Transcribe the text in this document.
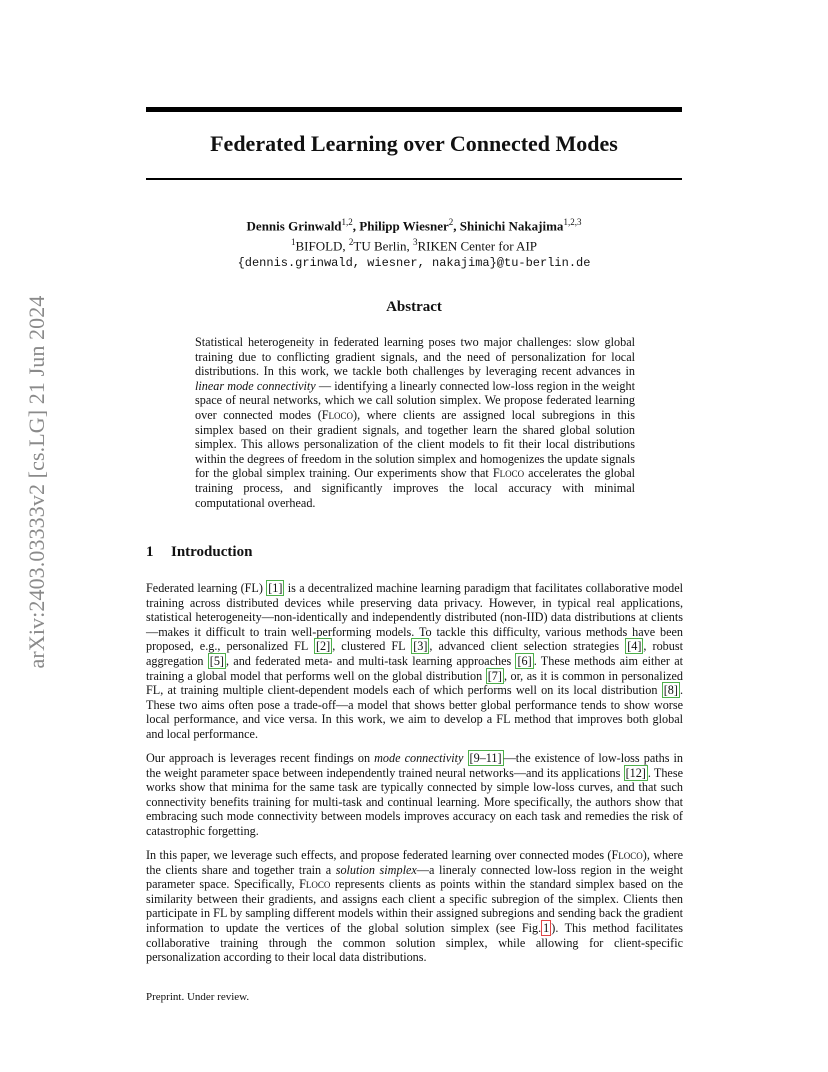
arXiv:2403.03333v2 [cs.LG] 21 Jun 2024
Federated Learning over Connected Modes
Dennis Grinwald$^{1,2}$, Philipp Wiesner$^2$, Shinichi Nakajima$^{1,2,3}$
$^1$BIFOLD, $^2$TU Berlin, $^3$RIKEN Center for AIP
{dennis.grinwald, wiesner, nakajima}@tu-berlin.de
Abstract

Statistical heterogeneity in federated learning poses two major challenges: slow global training due to conflicting gradient signals, and the need of personalization for local distributions. In this work, we tackle both challenges by leveraging recent advances in linear mode connectivity — identifying a linearly connected low-loss region in the weight space of neural networks, which we call solution simplex. We propose federated learning over connected modes (Floco), where clients are assigned local subregions in this simplex based on their gradient signals, and together learn the shared global solution simplex. This allows personalization of the client models to fit their local distributions within the degrees of freedom in the solution simplex and homogenizes the update signals for the global simplex training. Our experiments show that Floco accelerates the global training process, and significantly improves the local accuracy with minimal computational overhead.

1 Introduction

Federated learning (FL) [1] is a decentralized machine learning paradigm that facilitates collaborative model training across distributed devices while preserving data privacy. However, in typical real applications, statistical heterogeneity—non-identically and independently distributed (non-IID) data distributions at clients—makes it difficult to train well-performing models. To tackle this difficulty, various methods have been proposed, e.g., personalized FL [2] , clustered FL [3] , advanced client selection strategies [4] , robust aggregation [5] , and federated meta- and multi-task learning approaches [6] . These methods aim either at training a global model that performs well on the global distribution [7] , or, as it is common in personalized FL, at training multiple client-dependent models each of which performs well on its local distribution [8] . These two aims often pose a trade-off—a model that shows better global performance tends to show worse local performance, and vice versa. In this work, we aim to develop a FL method that improves both global and local performance.

Our approach is leverages recent findings on mode connectivity [9–11] —the existence of low-loss paths in the weight parameter space between independently trained neural networks—and its applications [12] . These works show that minima for the same task are typically connected by simple low-loss curves, and that such connectivity benefits training for multi-task and continual learning. More specifically, the authors show that embracing such mode connectivity between models improves accuracy on each task and remedies the risk of catastrophic forgetting.

In this paper, we leverage such effects, and propose federated learning over connected modes (Floco), where the clients share and together train a solution simplex—a lineraly connected low-loss region in the weight parameter space. Specifically, Floco represents clients as points within the standard simplex based on the similarity between their gradients, and assigns each client a specific subregion of the simplex. Clients then participate in FL by sampling different models within their assigned subregions and sending back the gradient information to update the vertices of the global solution simplex (see Fig. 1 ). This method facilitates collaborative training through the common solution simplex, while allowing for client-specific personalization according to their local data distributions.

Preprint. Under review.
